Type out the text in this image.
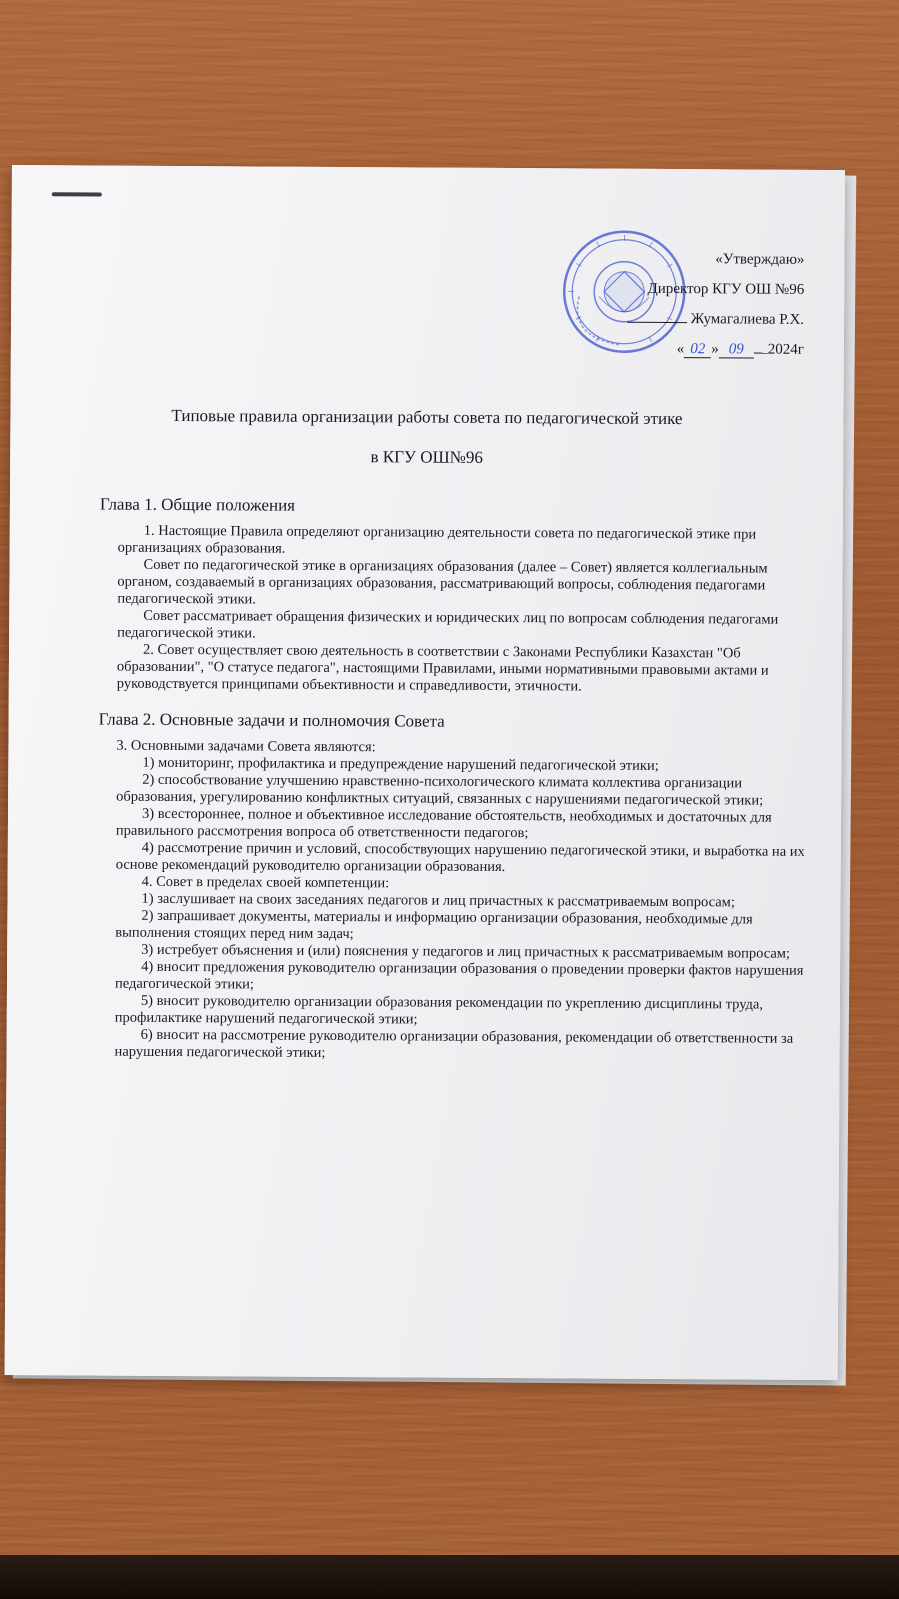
«Утверждаю»
Директор КГУ ОШ №96
Жумагалиева Р.Х.
« 02 » 09 2024г
Типовые правила организации работы совета по педагогической этике
в КГУ ОШ№96
Глава 1. Общие положения

1. Настоящие Правила определяют организацию деятельности совета по педагогической этике при организациях образования.

Совет по педагогической этике в организациях образования (далее – Совет) является коллегиальным органом, создаваемый в организациях образования, рассматривающий вопросы, соблюдения педагогами педагогической этики.

Совет рассматривает обращения физических и юридических лиц по вопросам соблюдения педагогами педагогической этики.

2. Совет осуществляет свою деятельность в соответствии с Законами Республики Казахстан "Об образовании", "О статусе педагога", настоящими Правилами, иными нормативными правовыми актами и руководствуется принципами объективности и справедливости, этичности.

Глава 2. Основные задачи и полномочия Совета

3. Основными задачами Совета являются:

1) мониторинг, профилактика и предупреждение нарушений педагогической этики;

2) способствование улучшению нравственно-психологического климата коллектива организации образования, урегулированию конфликтных ситуаций, связанных с нарушениями педагогической этики;

3) всестороннее, полное и объективное исследование обстоятельств, необходимых и достаточных для правильного рассмотрения вопроса об ответственности педагогов;

4) рассмотрение причин и условий, способствующих нарушению педагогической этики, и выработка на их основе рекомендаций руководителю организации образования.

4. Совет в пределах своей компетенции:

1) заслушивает на своих заседаниях педагогов и лиц причастных к рассматриваемым вопросам;

2) запрашивает документы, материалы и информацию организации образования, необходимые для выполнения стоящих перед ним задач;

3) истребует объяснения и (или) пояснения у педагогов и лиц причастных к рассматриваемым вопросам;

4) вносит предложения руководителю организации образования о проведении проверки фактов нарушения педагогической этики;

5) вносит руководителю организации образования рекомендации по укреплению дисциплины труда, профилактике нарушений педагогической этики;

6) вносит на рассмотрение руководителю организации образования, рекомендации об ответственности за нарушения педагогической этики;
